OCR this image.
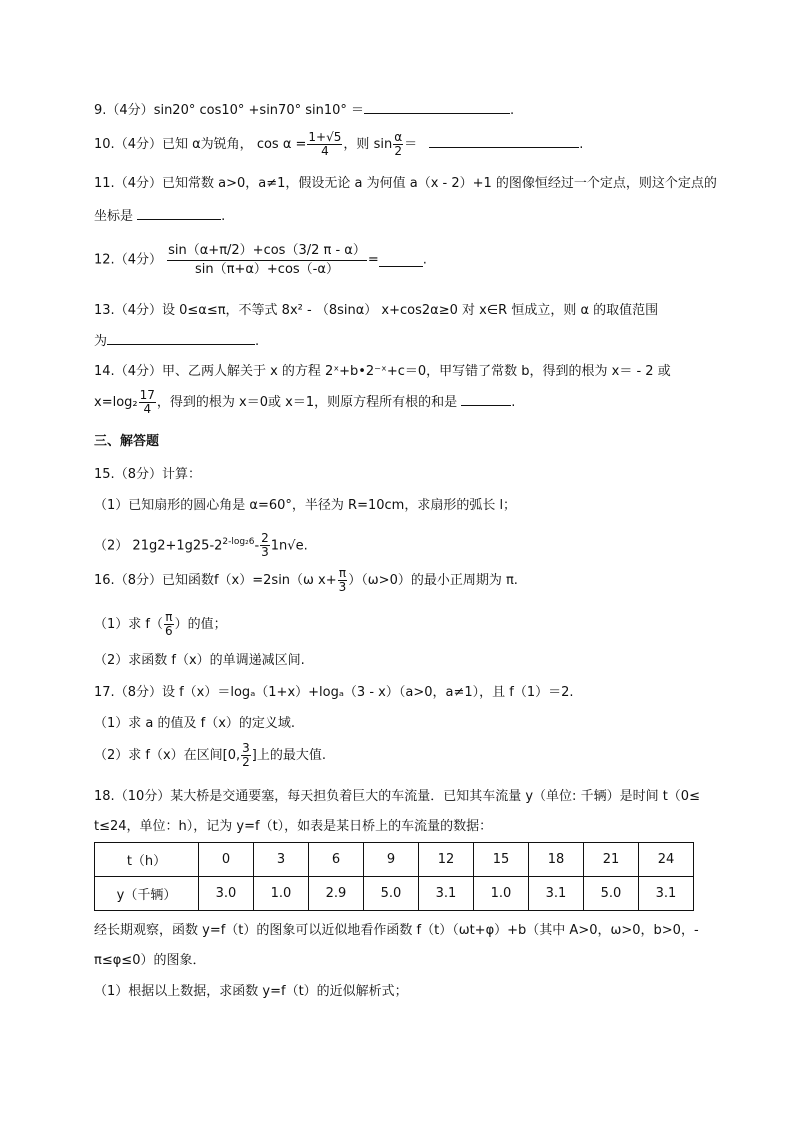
9.（4分）sin20° cos10° +sin70° sin10° ＝	.
10.（4分）已知 α为锐角， $\cos \alpha = \frac{1+√5}{4}$ ，则 $\sin \frac{\alpha}{2}$ ＝	.
11.（4分）已知常数 a>0，a≠1，假设无论 a 为何值 a（x - 2）+1 的图像恒经过一个定点，则这个定点的
坐标是	.
12.（4分） $\frac{\sin(\alpha+\pi/2)+\cos(3/2 \pi - \alpha)}{\sin(\pi+\alpha)+\cos(-\alpha)}$ =	.
13.（4分）设 0≤α≤π，不等式 8x² - （8sinα） x+cos2α≥0 对 x∈R 恒成立，则 α 的取值范围
为	.
14.（4分）甲、乙两人解关于 x 的方程 2ˣ+b•2⁻ˣ+c＝0，甲写错了常数 b，得到的根为 x＝ - 2 或
$x=\log_2 \frac{17}{4}$ ，得到的根为 x＝0或 x＝1，则原方程所有根的和是	.
三、解答题
15.（8分）计算：
（1）已知扇形的圆心角是 α=60°，半径为 R=10cm，求扇形的弧长 l；
（2） $21g2+1g25-2^{2-log_26}- \frac{2}{3} 1n√e$.
16.（8分）已知函数f（x）=2sin（ω $x+ \frac{\pi}{3} )(\omega>0)$的最小正周期为 π.
（1）求 $f( \frac{\pi}{6}$ ）的值；
（2）求函数 f（x）的单调递减区间.
17.（8分）设 f（x）＝logₐ（1+x）+logₐ（3 - x）（a>0，a≠1），且 f（1）＝2.
（1）求 a 的值及 f（x）的定义域.
（2）求 f（x）在区间[0, $\frac{3}{2}$ ]上的最大值.
18.（10分）某大桥是交通要塞，每天担负着巨大的车流量．已知其车流量 y（单位: 千辆）是时间 t（0≤
t≤24，单位：h），记为 y=f（t），如表是某日桥上的车流量的数据：
t（h）	0	3	6	9	12	15	18	21	24
y（千辆）	3.0	1.0	2.9	5.0	3.1	1.0	3.1	5.0	3.1
经长期观察，函数 y=f（t）的图象可以近似地看作函数 f（t）（ωt+φ）+b（其中 A>0，ω>0，b>0，-
π≤φ≤0）的图象．
（1）根据以上数据，求函数 y=f（t）的近似解析式；
